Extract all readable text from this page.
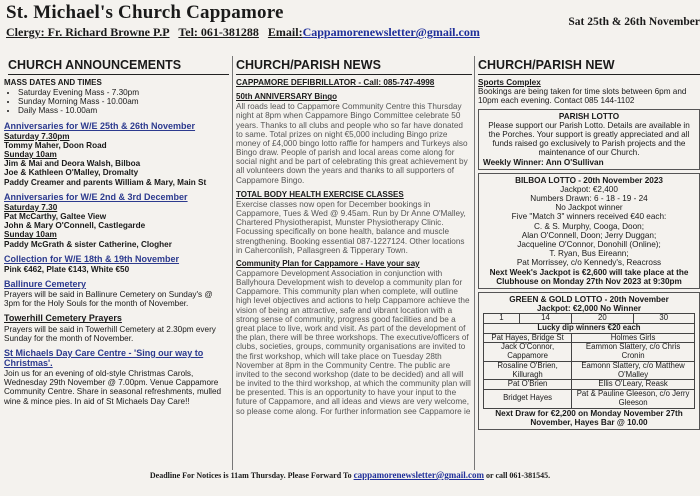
St. Michael's Church Cappamore	Sat 25th & 26th November
Clergy: Fr. Richard Browne P.P Tel: 061-381288 Email:Cappamorenewsletter@gmail.com
CHURCH ANNOUNCEMENTS
MASS DATES AND TIMES
• Saturday Evening Mass - 7.30pm
• Sunday Morning Mass - 10.00am
• Daily Mass - 10.00am
Anniversaries for W/E 25th & 26th November
Saturday 7.30pm
Tommy Maher, Doon Road
Sunday 10am
Jim & Mai and Deora Walsh, Bilboa
Joe & Kathleen O'Malley, Dromalty
Paddy Creamer and parents William & Mary, Main St
Anniversaries for W/E 2nd & 3rd December
Saturday 7.30
Pat McCarthy, Galtee View
John & Mary O'Connell, Castlegarde
Sunday 10am
Paddy McGrath & sister Catherine, Clogher
Collection for W/E 18th & 19th November
Pink €462, Plate €143, White €50
Ballinure Cemetery

Prayers will be said in Ballinure Cemetery on Sunday's @ 3pm for the Holy Souls for the month of November.

Towerhill Cemetery Prayers

Prayers will be said in Towerhill Cemetery at 2.30pm every Sunday for the month of November.

St Michaels Day Care Centre - 'Sing our way to Christmas'.

Join us for an evening of old-style Christmas Carols, Wednesday 29th November @ 7.00pm. Venue Cappamore Community Centre. Share in seasonal refreshments, mulled wine & mince pies. In aid of St Michaels Day Care!!

CHURCH/PARISH NEWS
CAPPAMORE DEFIBRILLATOR - Call: 085-747-4998
50th ANNIVERSARY Bingo

All roads lead to Cappamore Community Centre this Thursday night at 8pm when Cappamore Bingo Committee celebrate 50 years. Thanks to all clubs and people who so far have donated to same. Total prizes on night €5,000 including Bingo prize money of £4,000 bingo lotto raffle for hampers and Turkeys also Bingo draw. People of parish and local areas come along for social night and be part of celebrating this great achievement by all volunteers down the years and thanks to all supporters of Cappamore Bingo.

TOTAL BODY HEALTH EXERCISE CLASSES

Exercise classes now open for December bookings in Cappamore, Tues & Wed @ 9.45am. Run by Dr Anne O'Malley, Chartered Physiotherapist, Munster Physiotherapy Clinic. Focussing specifically on bone health, balance and muscle strengthening. Booking essential 087-1227124. Other locations in Caherconlish, Pallasgreen & Tipperary Town.

Community Plan for Cappamore - Have your say

Cappamore Development Association in conjunction with Ballyhoura Development wish to develop a community plan for Cappamore. This community plan when complete, will outline high level objectives and actions to help Cappamore achieve the vision of being an attractive, safe and vibrant location with a strong sense of community, progress good facilities and be a great place to live, work and visit. As part of the development of the plan, there will be three workshops. The executive/officers of clubs, societies, groups, community organisations are invited to the first workshop, which will take place on Tuesday 28th November at 8pm in the Community Centre. The public are invited to the second workshop (date to be decided) and all will be invited to the third workshop, at which the community plan will be presented. This is an opportunity to have your input to the future of Cappamore, and all ideas and views are very welcome, so please come along. For further information see Cappamore ie

CHURCH/PARISH NEW
Sports Complex

Bookings are being taken for time slots between 6pm and 10pm each evening. Contact 085 144-1102

PARISH LOTTO

Please support our Parish Lotto. Details are available in the Porches. Your support is greatly appreciated and all funds raised go exclusively to Parish projects and the maintenance of our Church.

Weekly Winner: Ann O'Sullivan
BILBOA LOTTO - 20th November 2023
Jackpot: €2,400
Numbers Drawn: 6 - 18 - 19 - 24
No Jackpot winner
Five "Match 3" winners received €40 each:
C. & S. Murphy, Cooga, Doon;
Alan O'Connell, Doon; Jerry Duggan;
Jacqueline O'Connor, Donohill (Online);
T. Ryan, Bus Eireann;
Pat Morrissey, c/o Kennedy's, Reacross
Next Week's Jackpot is €2,600 will take place at the Clubhouse on Monday 27th Nov 2023 at 9:30pm
GREEN & GOLD LOTTO - 20th November
Jackpot: €2,000 No Winner
1	14	20	30
Lucky dip winners €20 each			
Pat Hayes, Bridge St		Holmes Girls	
Jack O'Connor, Cappamore		Eammon Slattery, c/o Chris Cronin	
Rosaline O'Brien, Killuragh		Eamonn Slattery, c/o Matthew O'Malley	
Pat O'Brien		Ellis O'Leary, Reask	
Bridget Hayes		Pat & Pauline Gleeson, c/o Jerry Gleeson	
Next Draw for €2,200 on Monday November 27th November, Hayes Bar @ 10.00
Deadline For Notices is 11am Thursday. Please Forward To cappamorenewsletter@gmail.com or call 061-381545.
